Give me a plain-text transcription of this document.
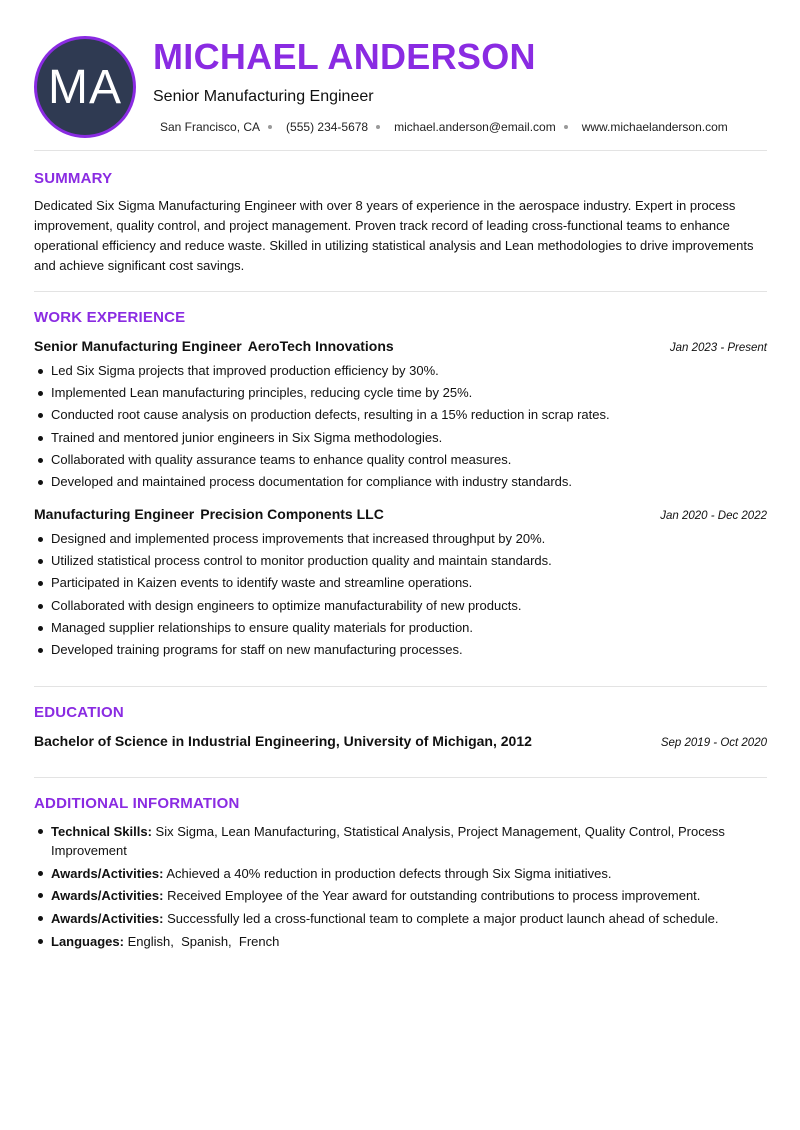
MA
MICHAEL ANDERSON
Senior Manufacturing Engineer
San Francisco, CA (555) 234-5678 michael.anderson@email.com www.michaelanderson.com
SUMMARY

Dedicated Six Sigma Manufacturing Engineer with over 8 years of experience in the aerospace industry. Expert in process improvement, quality control, and project management. Proven track record of leading cross-functional teams to enhance operational efficiency and reduce waste. Skilled in utilizing statistical analysis and Lean methodologies to drive improvements and achieve significant cost savings.

WORK EXPERIENCE
Senior Manufacturing Engineer AeroTech Innovations	Jan 2023 - Present
Led Six Sigma projects that improved production efficiency by 30%.
Implemented Lean manufacturing principles, reducing cycle time by 25%.
Conducted root cause analysis on production defects, resulting in a 15% reduction in scrap rates.
Trained and mentored junior engineers in Six Sigma methodologies.
Collaborated with quality assurance teams to enhance quality control measures.
Developed and maintained process documentation for compliance with industry standards.
Manufacturing Engineer Precision Components LLC	Jan 2020 - Dec 2022
Designed and implemented process improvements that increased throughput by 20%.
Utilized statistical process control to monitor production quality and maintain standards.
Participated in Kaizen events to identify waste and streamline operations.
Collaborated with design engineers to optimize manufacturability of new products.
Managed supplier relationships to ensure quality materials for production.
Developed training programs for staff on new manufacturing processes.
EDUCATION
Bachelor of Science in Industrial Engineering, University of Michigan, 2012	Sep 2019 - Oct 2020
ADDITIONAL INFORMATION
Technical Skills: Six Sigma, Lean Manufacturing, Statistical Analysis, Project Management, Quality Control, Process Improvement
Awards/Activities: Achieved a 40% reduction in production defects through Six Sigma initiatives.
Awards/Activities: Received Employee of the Year award for outstanding contributions to process improvement.
Awards/Activities: Successfully led a cross-functional team to complete a major product launch ahead of schedule.
Languages: English,  Spanish,  French
